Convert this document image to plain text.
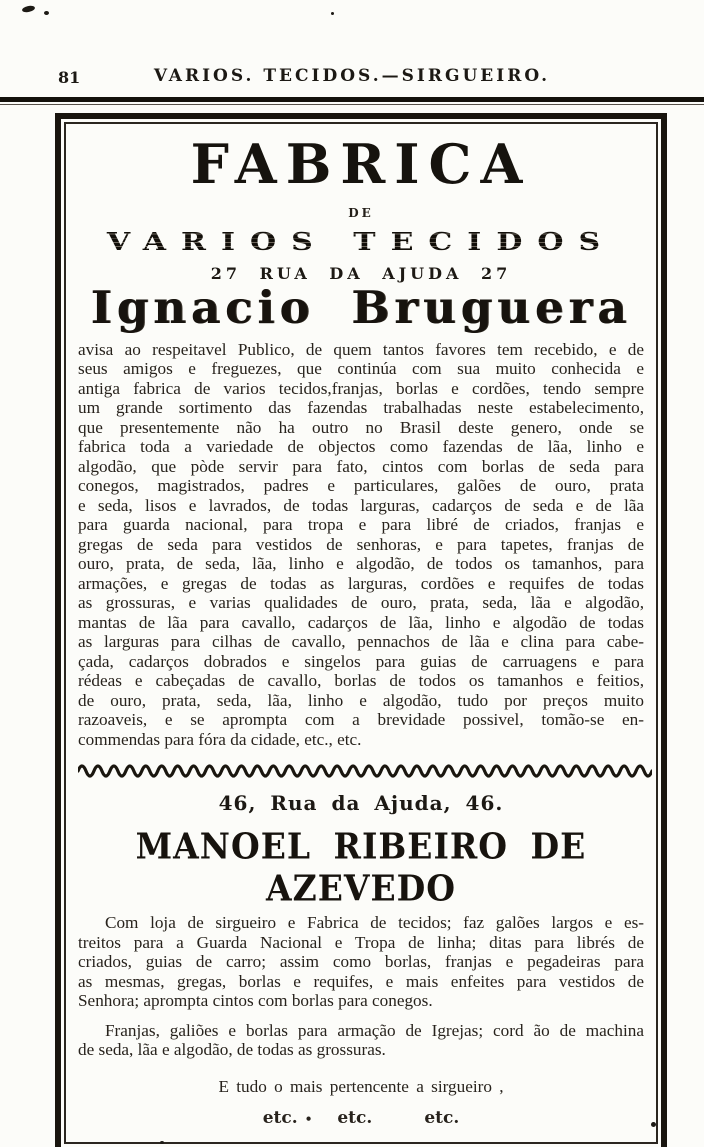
81	VARIOS. TECIDOS.—SIRGUEIRO.
FABRICA
DE
VARIOS TECIDOS
27 RUA DA AJUDA 27
Ignacio Bruguera
avisa ao respeitavel Publico, de quem tantos favores tem recebido, e de
seus amigos e freguezes, que continúa com sua muito conhecida e
antiga fabrica de varios tecidos,franjas, borlas e cordões, tendo sempre
um grande sortimento das fazendas trabalhadas neste estabelecimento,
que presentemente não ha outro no Brasil deste genero, onde se
fabrica toda a variedade de objectos como fazendas de lãa, linho e
algodão, que pòde servir para fato, cintos com borlas de seda para
conegos, magistrados, padres e particulares, galões de ouro, prata
e seda, lisos e lavrados, de todas larguras, cadarços de seda e de lãa
para guarda nacional, para tropa e para libré de criados, franjas e
gregas de seda para vestidos de senhoras, e para tapetes, franjas de
ouro, prata, de seda, lãa, linho e algodão, de todos os tamanhos, para
armações, e gregas de todas as larguras, cordões e requifes de todas
as grossuras, e varias qualidades de ouro, prata, seda, lãa e algodão,
mantas de lãa para cavallo, cadarços de lãa, linho e algodão de todas
as larguras para cilhas de cavallo, pennachos de lãa e clina para cabe-
çada, cadarços dobrados e singelos para guias de carruagens e para
rédeas e cabeçadas de cavallo, borlas de todos os tamanhos e feitios,
de ouro, prata, seda, lãa, linho e algodão, tudo por preços muito
razoaveis, e se aprompta com a brevidade possivel, tomão-se en-
commendas para fóra da cidade, etc., etc.
46, Rua da Ajuda, 46.
MANOEL RIBEIRO DE AZEVEDO
Com loja de sirgueiro e Fabrica de tecidos; faz galões largos e es-
treitos para a Guarda Nacional e Tropa de linha; ditas para librés de
criados, guias de carro; assim como borlas, franjas e pegadeiras para
as mesmas, gregas, borlas e requifes, e mais enfeites para vestidos de
Senhora; aprompta cintos com borlas para conegos.
Franjas, galiões e borlas para armação de Igrejas; cord ão de machina
de seda, lãa e algodão, de todas as grossuras.
E tudo o mais pertencente a sirgueiro ,
etc. • etc.	etc.
